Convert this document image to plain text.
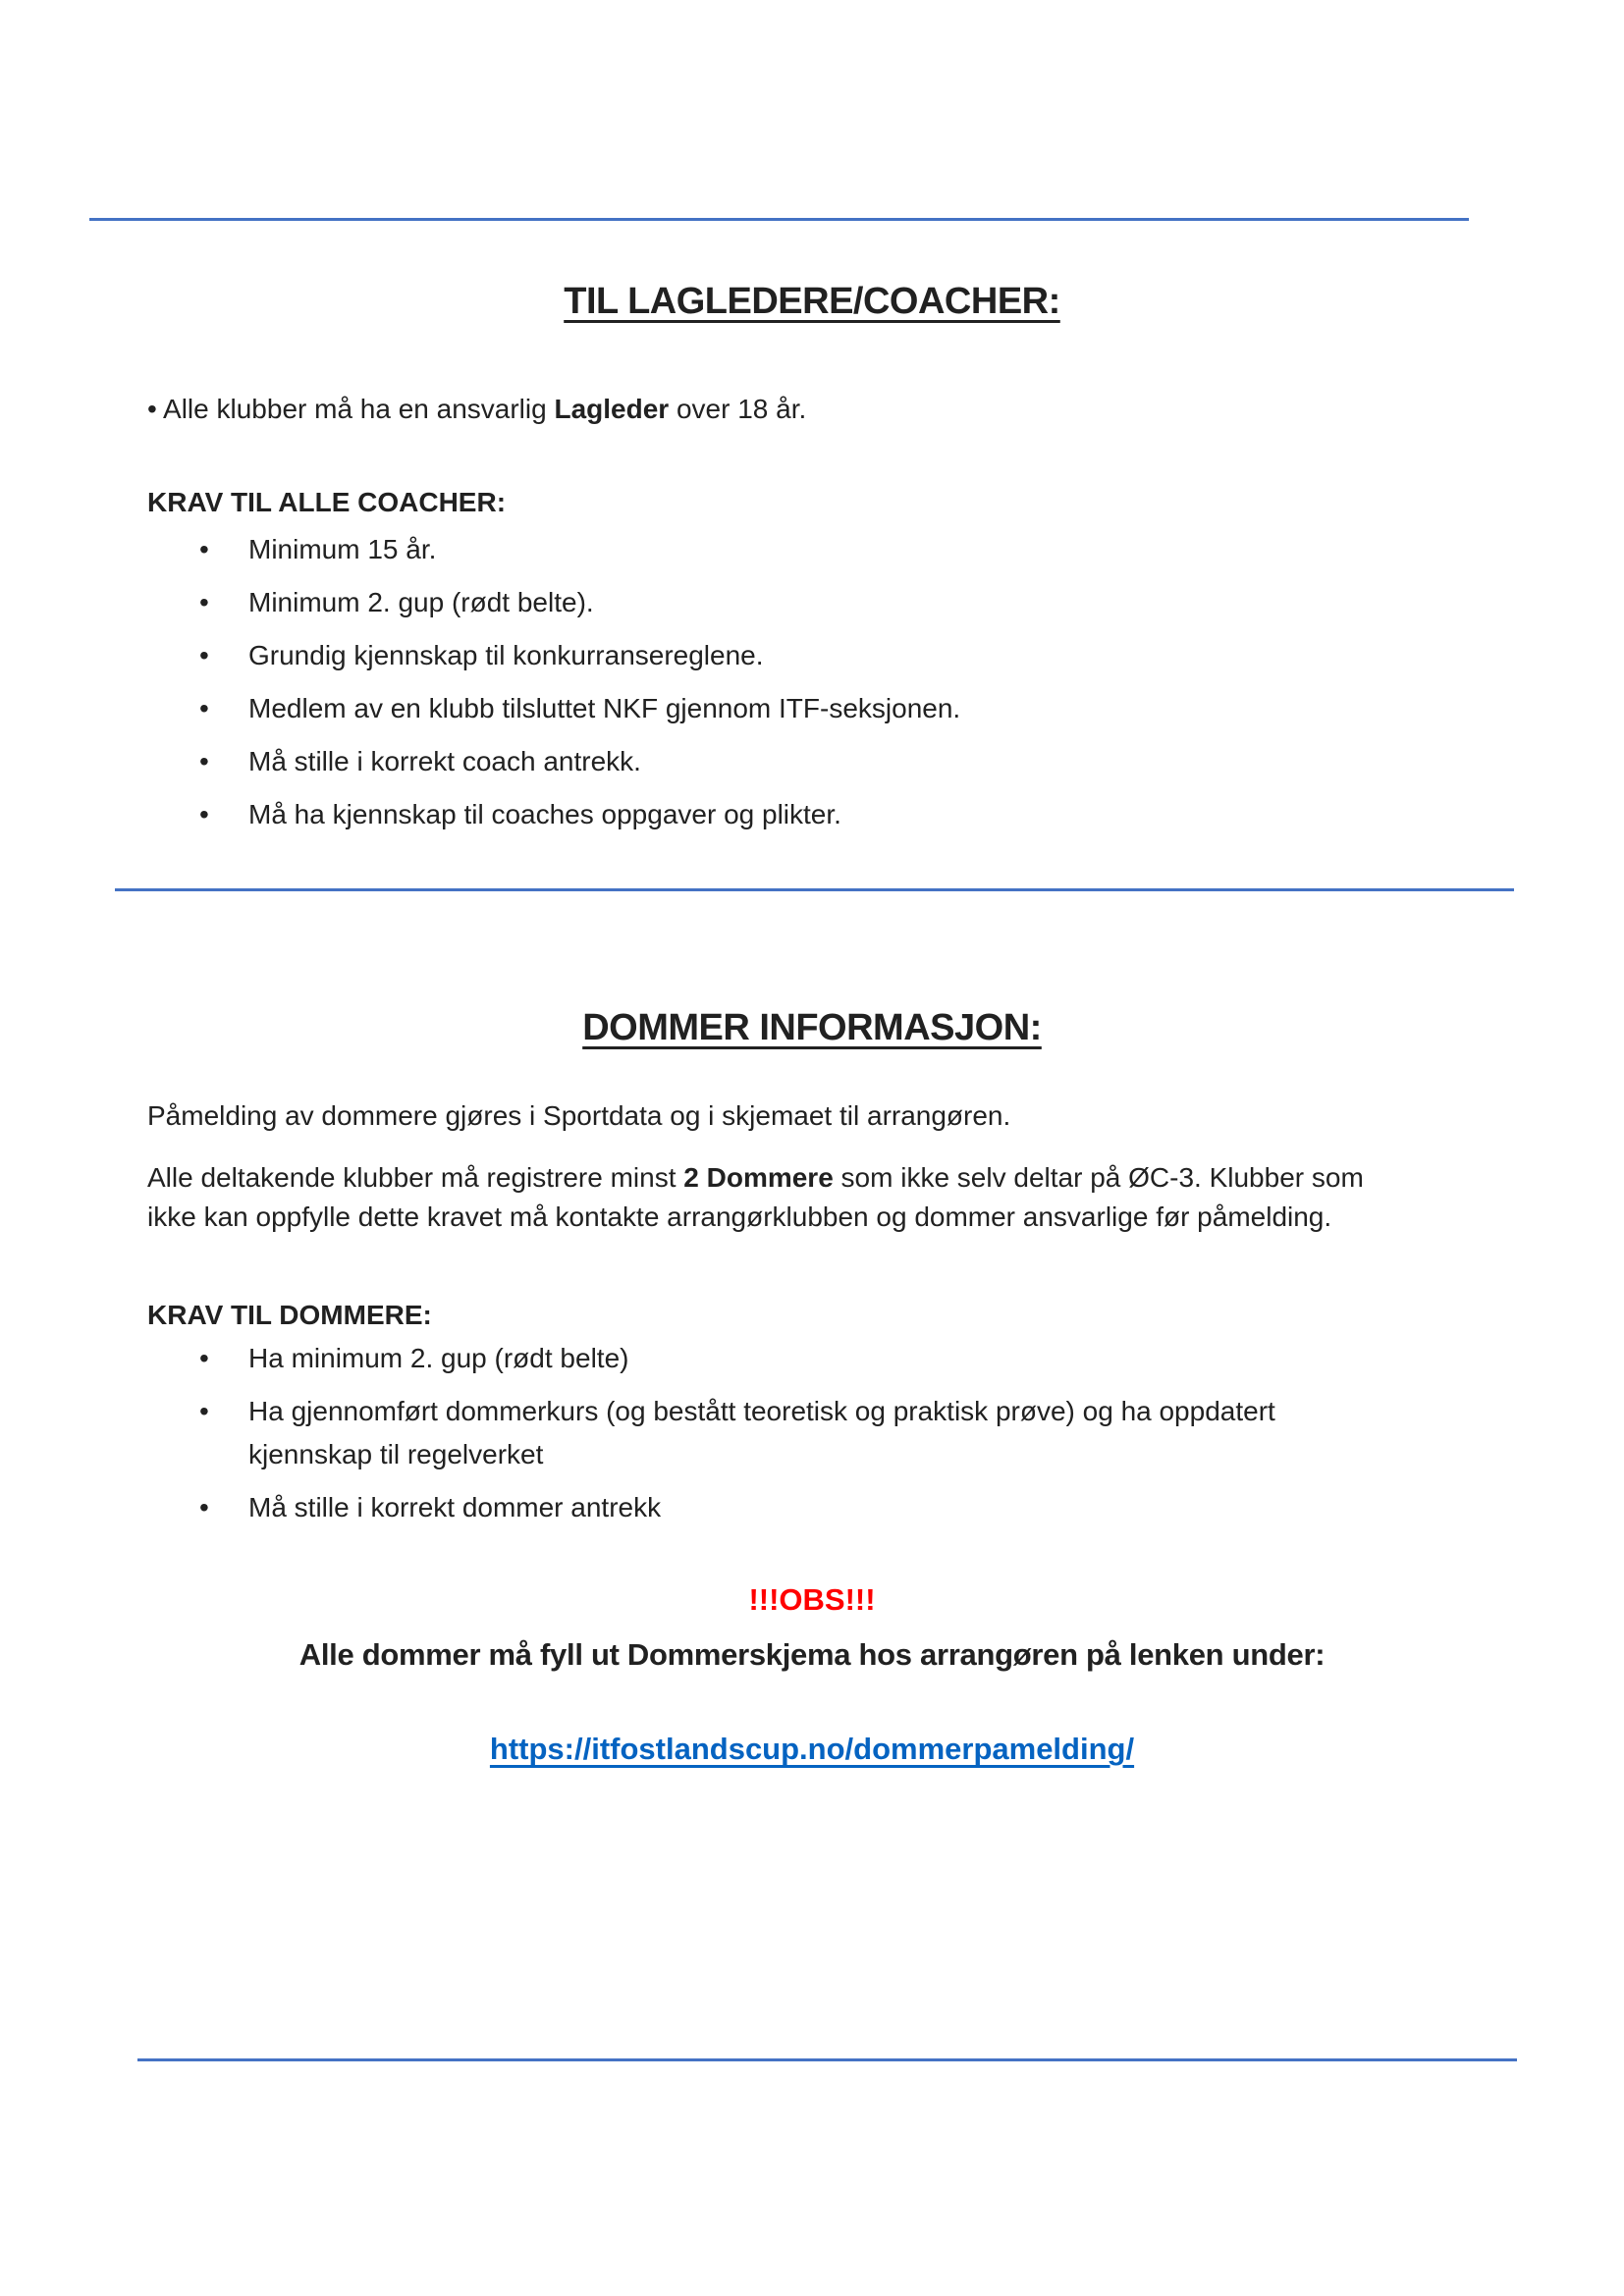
TIL LAGLEDERE/COACHER:
• Alle klubber må ha en ansvarlig Lagleder over 18 år.
KRAV TIL ALLE COACHER:
•	Minimum 15 år.
•	Minimum 2. gup (rødt belte).
•	Grundig kjennskap til konkurransereglene.
•	Medlem av en klubb tilsluttet NKF gjennom ITF-seksjonen.
•	Må stille i korrekt coach antrekk.
•	Må ha kjennskap til coaches oppgaver og plikter.
DOMMER INFORMASJON:
Påmelding av dommere gjøres i Sportdata og i skjemaet til arrangøren.
Alle deltakende klubber må registrere minst 2 Dommere som ikke selv deltar på ØC-3. Klubber som
ikke kan oppfylle dette kravet må kontakte arrangørklubben og dommer ansvarlige før påmelding.
KRAV TIL DOMMERE:
•	Ha minimum 2. gup (rødt belte)
•	Ha gjennomført dommerkurs (og bestått teoretisk og praktisk prøve) og ha oppdatert
kjennskap til regelverket
•	Må stille i korrekt dommer antrekk
!!!OBS!!!
Alle dommer må fyll ut Dommerskjema hos arrangøren på lenken under:
https://itfostlandscup.no/dommerpamelding/
